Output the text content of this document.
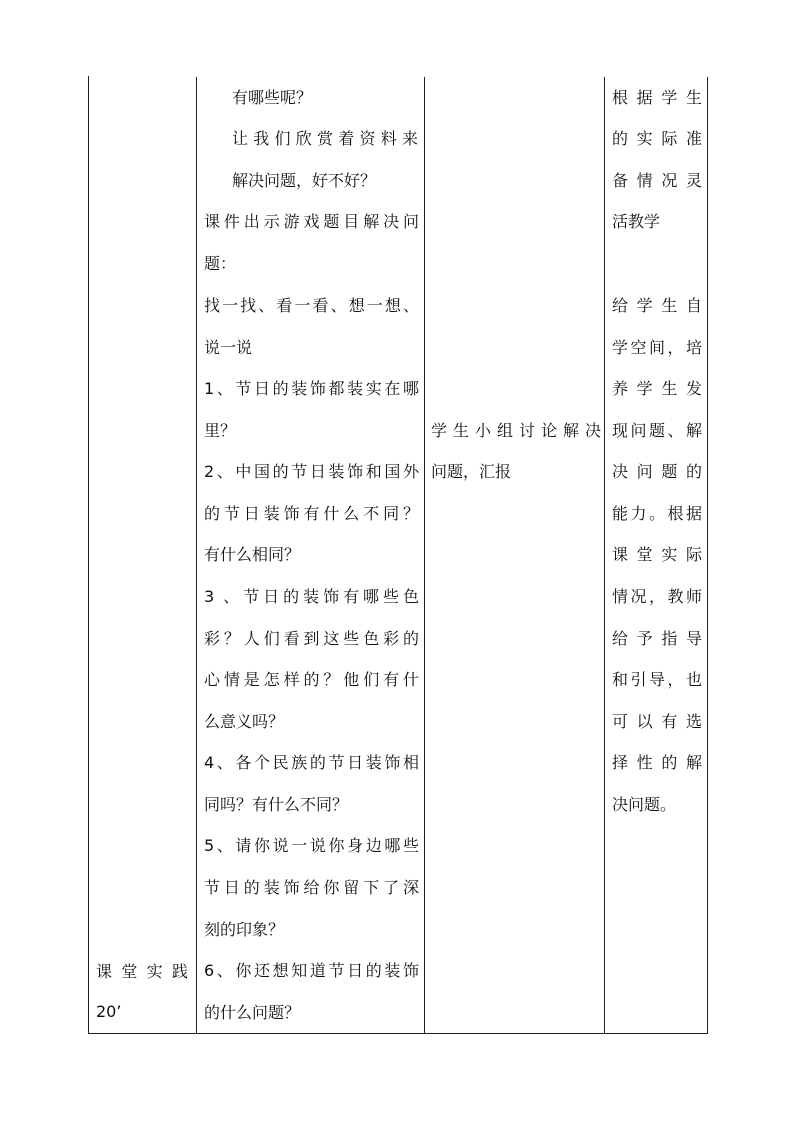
课堂实践
20’
有哪些呢？
让我们欣赏着资料来
解决问题，好不好？
课件出示游戏题目解决问
题：
找一找、看一看、想一想、
说一说
1、节日的装饰都装实在哪
里？
2、中国的节日装饰和国外
的节日装饰有什么不同？
有什么相同？
3 、节日的装饰有哪些色
彩？人们看到这些色彩的
心情是怎样的？他们有什
么意义吗？
4、各个民族的节日装饰相
同吗？有什么不同？
5、请你说一说你身边哪些
节日的装饰给你留下了深
刻的印象？
6、你还想知道节日的装饰
的什么问题？
学生小组讨论解决
问题，汇报
根据学生
的实际准
备情况灵
活教学
给学生自
学空间，培
养学生发
现问题、解
决问题的
能力。根据
课堂实际
情况，教师
给予指导
和引导，也
可以有选
择性的解
决问题。
